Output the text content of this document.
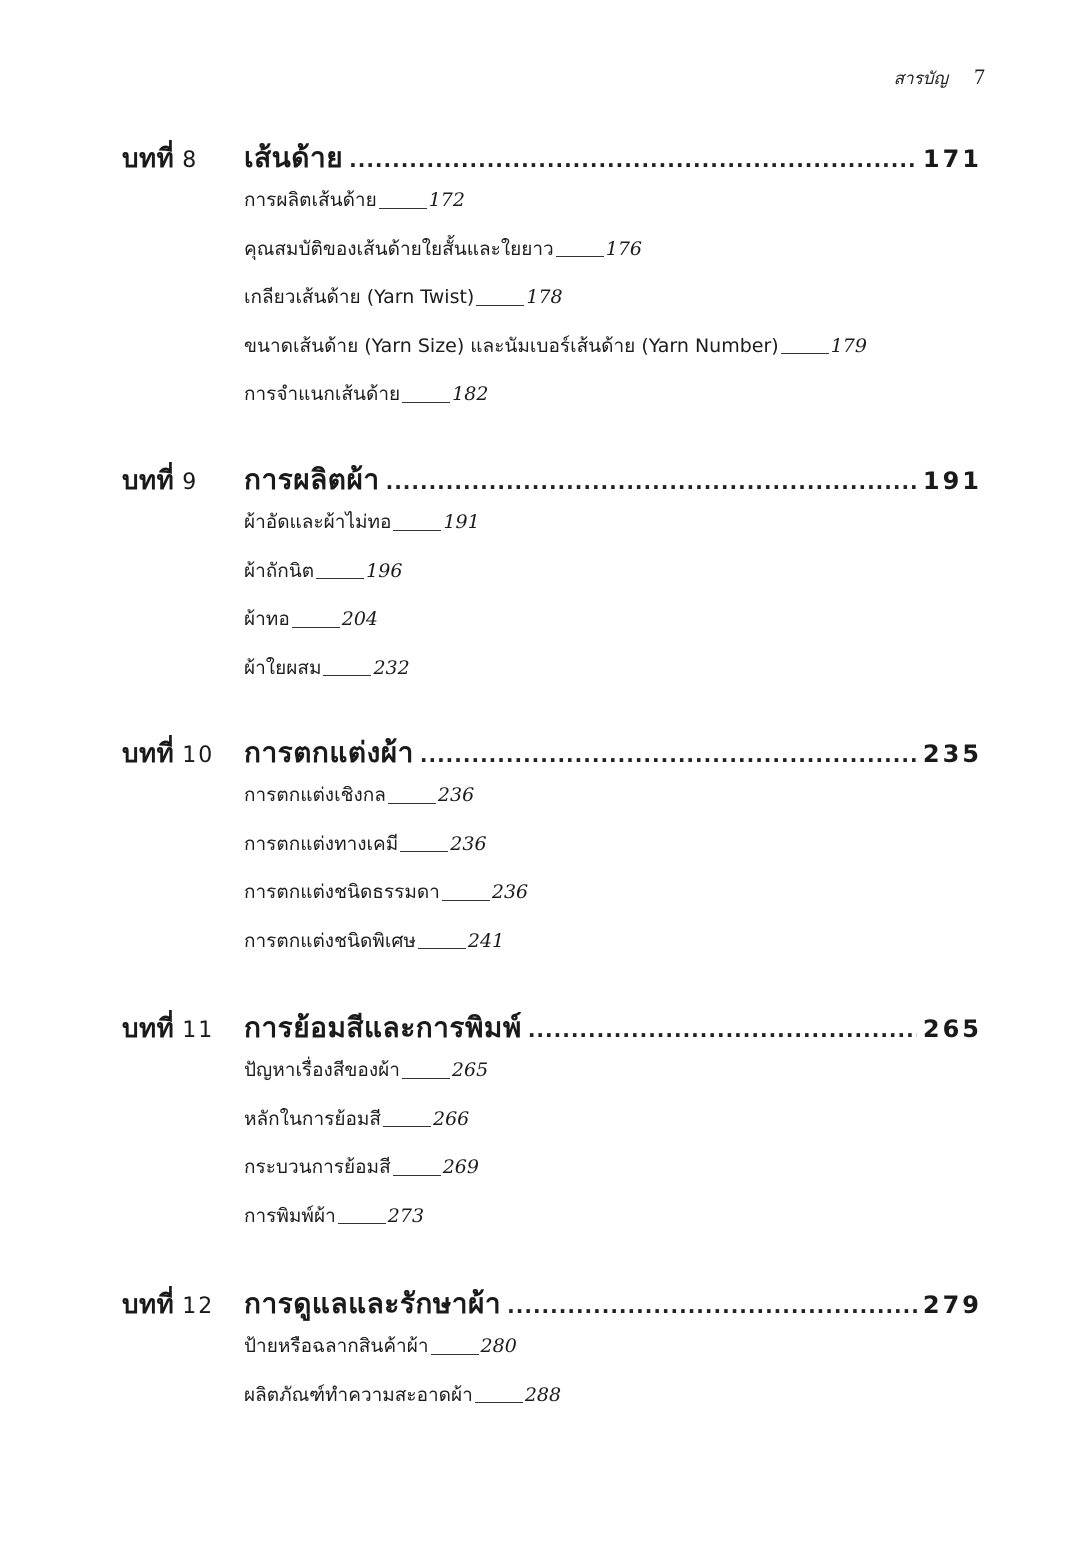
สารบัญ 7
บทที่ 8	เส้นด้าย .....	171
การผลิตเส้นด้าย	172
คุณสมบัติของเส้นด้ายใยสั้นและใยยาว	176
เกลียวเส้นด้าย (Yarn Twist)	178
ขนาดเส้นด้าย (Yarn Size) และนัมเบอร์เส้นด้าย (Yarn Number)	179
การจำแนกเส้นด้าย	182
บทที่ 9	การผลิตผ้า .....	191
ผ้าอัดและผ้าไม่ทอ	191
ผ้าถักนิต	196
ผ้าทอ	204
ผ้าใยผสม	232
บทที่ 10	การตกแต่งผ้า .....	235
การตกแต่งเชิงกล	236
การตกแต่งทางเคมี	236
การตกแต่งชนิดธรรมดา	236
การตกแต่งชนิดพิเศษ	241
บทที่ 11	การย้อมสีและการพิมพ์ .....	265
ปัญหาเรื่องสีของผ้า	265
หลักในการย้อมสี	266
กระบวนการย้อมสี	269
การพิมพ์ผ้า	273
บทที่ 12	การดูแลและรักษาผ้า .....	279
ป้ายหรือฉลากสินค้าผ้า	280
ผลิตภัณฑ์ทำความสะอาดผ้า	288
